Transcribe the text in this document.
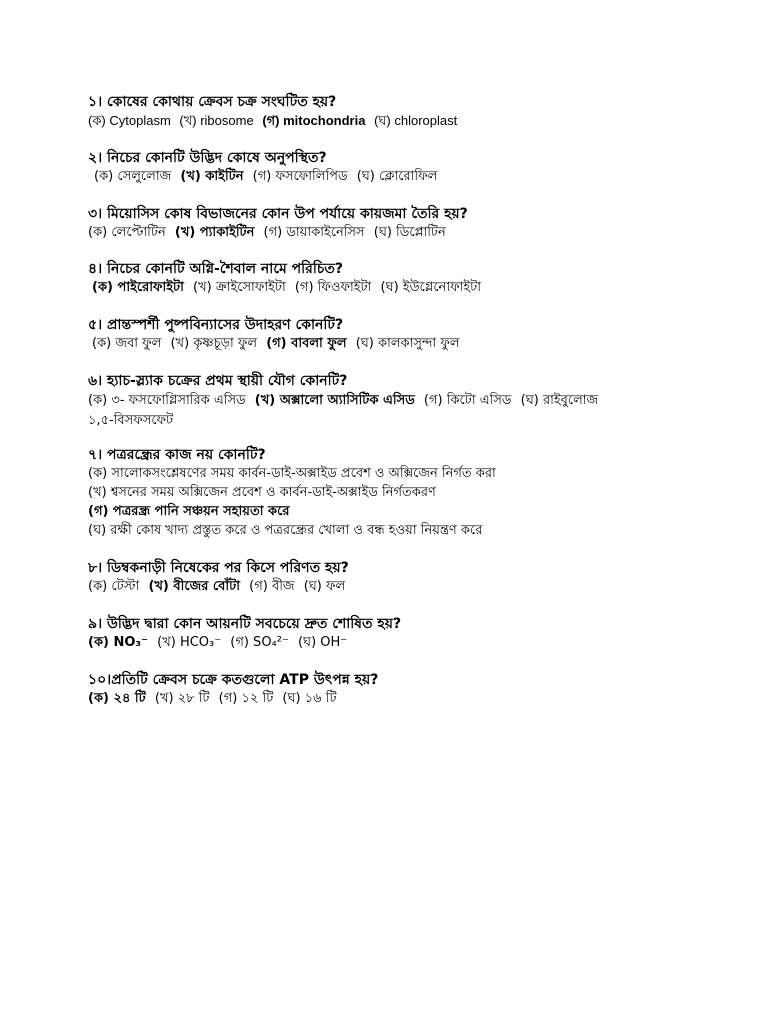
১। কোষের কোথায় ক্রেবস চক্র সংঘটিত হয়?
(ক) Cytoplasm (খ) ribosome (গ) mitochondria (ঘ) chloroplast
২। নিচের কোনটি উদ্ভিদ কোষে অনুপস্থিত?
(ক) সেলুলোজ (খ) কাইটিন (গ) ফসফোলিপিড (ঘ) ক্লোরোফিল
৩। মিয়োসিস কোষ বিভাজনের কোন উপ পর্যায়ে কায়জমা তৈরি হয়?
(ক) লেপ্টোটিন (খ) প্যাকাইটিন (গ) ডায়াকাইনেসিস (ঘ) ডিপ্লোটিন
৪। নিচের কোনটি অগ্নি-শৈবাল নামে পরিচিত?
(ক) পাইরোফাইটা (খ) ক্রাইসোফাইটা (গ) ফিওফাইটা (ঘ) ইউগ্লেনোফাইটা
৫। প্রান্তস্পর্শী পুষ্পবিন্যাসের উদাহরণ কোনটি?
(ক) জবা ফুল (খ) কৃষ্ণচূড়া ফুল (গ) বাবলা ফুল (ঘ) কালকাসুন্দা ফুল
৬। হ্যাচ-স্ল্যাক চক্রের প্রথম স্থায়ী যৌগ কোনটি?
(ক) ৩- ফসফোগ্লিসারিক এসিড (খ) অক্সালো অ্যাসিটিক এসিড (গ) কিটো এসিড (ঘ) রাইবুলোজ
১,৫-বিসফসফেট
৭। পত্ররন্ধ্রের কাজ নয় কোনটি?
(ক) সালোকসংশ্লেষণের সময় কার্বন-ডাই-অক্সাইড প্রবেশ ও অক্সিজেন নির্গত করা
(খ) শ্বসনের সময় অক্সিজেন প্রবেশ ও কার্বন-ডাই-অক্সাইড নির্গতকরণ
(গ) পত্ররন্ধ্র পানি সঞ্চয়ন সহায়তা করে
(ঘ) রক্ষী কোষ খাদ্য প্রস্তুত করে ও পত্ররন্ধ্রের খোলা ও বন্ধ হওয়া নিয়ন্ত্রণ করে
৮। ডিম্বকনাড়ী নিষেকের পর কিসে পরিণত হয়?
(ক) টেস্টা (খ) বীজের বোঁটা (গ) বীজ (ঘ) ফল
৯। উদ্ভিদ দ্বারা কোন আয়নটি সবচেয়ে দ্রুত শোষিত হয়?
(ক) NO₃⁻ (খ) HCO₃⁻ (গ) SO₄²⁻ (ঘ) OH⁻
১০।প্রতিটি ক্রেবস চক্রে কতগুলো ATP উৎপন্ন হয়?
(ক) ২৪ টি (খ) ২৮ টি (গ) ১২ টি (ঘ) ১৬ টি
